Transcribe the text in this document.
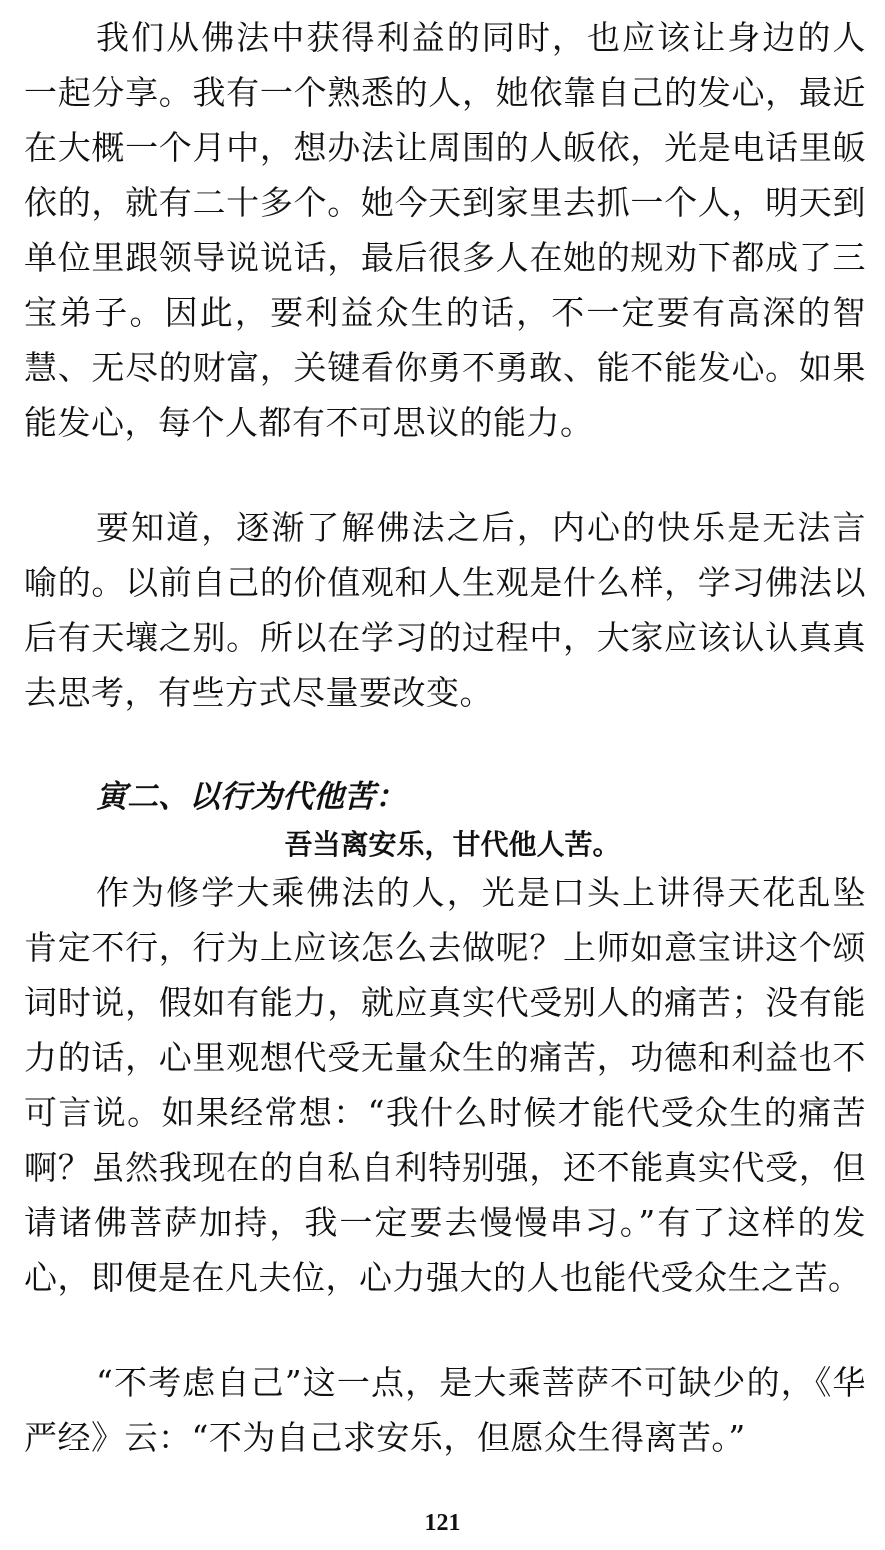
我们从佛法中获得利益的同时，也应该让身边的人一起分享。我有一个熟悉的人，她依靠自己的发心，最近在大概一个月中，想办法让周围的人皈依，光是电话里皈依的，就有二十多个。她今天到家里去抓一个人，明天到单位里跟领导说说话，最后很多人在她的规劝下都成了三宝弟子。因此，要利益众生的话，不一定要有高深的智慧、无尽的财富，关键看你勇不勇敢、能不能发心。如果能发心，每个人都有不可思议的能力。

要知道，逐渐了解佛法之后，内心的快乐是无法言喻的。以前自己的价值观和人生观是什么样，学习佛法以后有天壤之别。所以在学习的过程中，大家应该认认真真去思考，有些方式尽量要改变。

寅二、以行为代他苦：

吾当离安乐，甘代他人苦。

作为修学大乘佛法的人，光是口头上讲得天花乱坠肯定不行，行为上应该怎么去做呢？上师如意宝讲这个颂词时说，假如有能力，就应真实代受别人的痛苦；没有能力的话，心里观想代受无量众生的痛苦，功德和利益也不可言说。如果经常想：“我什么时候才能代受众生的痛苦啊？虽然我现在的自私自利特别强，还不能真实代受，但请诸佛菩萨加持，我一定要去慢慢串习。”有了这样的发心，即便是在凡夫位，心力强大的人也能代受众生之苦。

“不考虑自己”这一点，是大乘菩萨不可缺少的，《华严经》云：“不为自己求安乐，但愿众生得离苦。”

121
